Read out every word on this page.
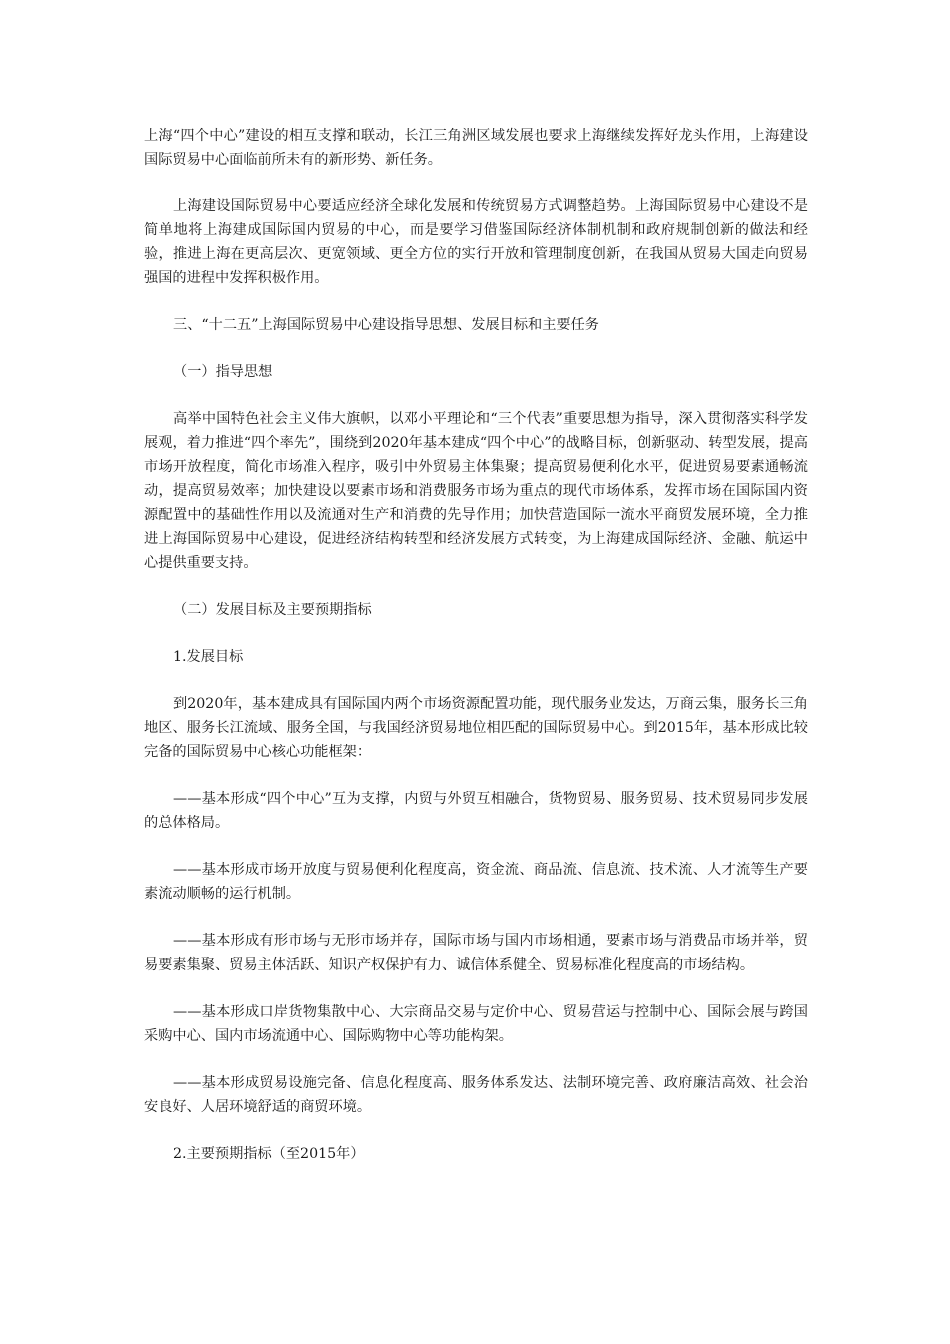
上海“四个中心”建设的相互支撑和联动，长江三角洲区域发展也要求上海继续发挥好龙头作用，上海建设国际贸易中心面临前所未有的新形势、新任务。

上海建设国际贸易中心要适应经济全球化发展和传统贸易方式调整趋势。上海国际贸易中心建设不是简单地将上海建成国际国内贸易的中心，而是要学习借鉴国际经济体制机制和政府规制创新的做法和经验，推进上海在更高层次、更宽领域、更全方位的实行开放和管理制度创新，在我国从贸易大国走向贸易强国的进程中发挥积极作用。

三、“十二五”上海国际贸易中心建设指导思想、发展目标和主要任务

（一）指导思想

高举中国特色社会主义伟大旗帜，以邓小平理论和“三个代表”重要思想为指导，深入贯彻落实科学发展观，着力推进“四个率先”，围绕到2020年基本建成“四个中心”的战略目标，创新驱动、转型发展，提高市场开放程度，简化市场准入程序，吸引中外贸易主体集聚；提高贸易便利化水平，促进贸易要素通畅流动，提高贸易效率；加快建设以要素市场和消费服务市场为重点的现代市场体系，发挥市场在国际国内资源配置中的基础性作用以及流通对生产和消费的先导作用；加快营造国际一流水平商贸发展环境，全力推进上海国际贸易中心建设，促进经济结构转型和经济发展方式转变，为上海建成国际经济、金融、航运中心提供重要支持。

（二）发展目标及主要预期指标

1.发展目标

到2020年，基本建成具有国际国内两个市场资源配置功能，现代服务业发达，万商云集，服务长三角地区、服务长江流域、服务全国，与我国经济贸易地位相匹配的国际贸易中心。到2015年，基本形成比较完备的国际贸易中心核心功能框架：

——基本形成“四个中心”互为支撑，内贸与外贸互相融合，货物贸易、服务贸易、技术贸易同步发展的总体格局。

——基本形成市场开放度与贸易便利化程度高，资金流、商品流、信息流、技术流、人才流等生产要素流动顺畅的运行机制。

——基本形成有形市场与无形市场并存，国际市场与国内市场相通，要素市场与消费品市场并举，贸易要素集聚、贸易主体活跃、知识产权保护有力、诚信体系健全、贸易标准化程度高的市场结构。

——基本形成口岸货物集散中心、大宗商品交易与定价中心、贸易营运与控制中心、国际会展与跨国采购中心、国内市场流通中心、国际购物中心等功能构架。

——基本形成贸易设施完备、信息化程度高、服务体系发达、法制环境完善、政府廉洁高效、社会治安良好、人居环境舒适的商贸环境。

2.主要预期指标（至2015年）
